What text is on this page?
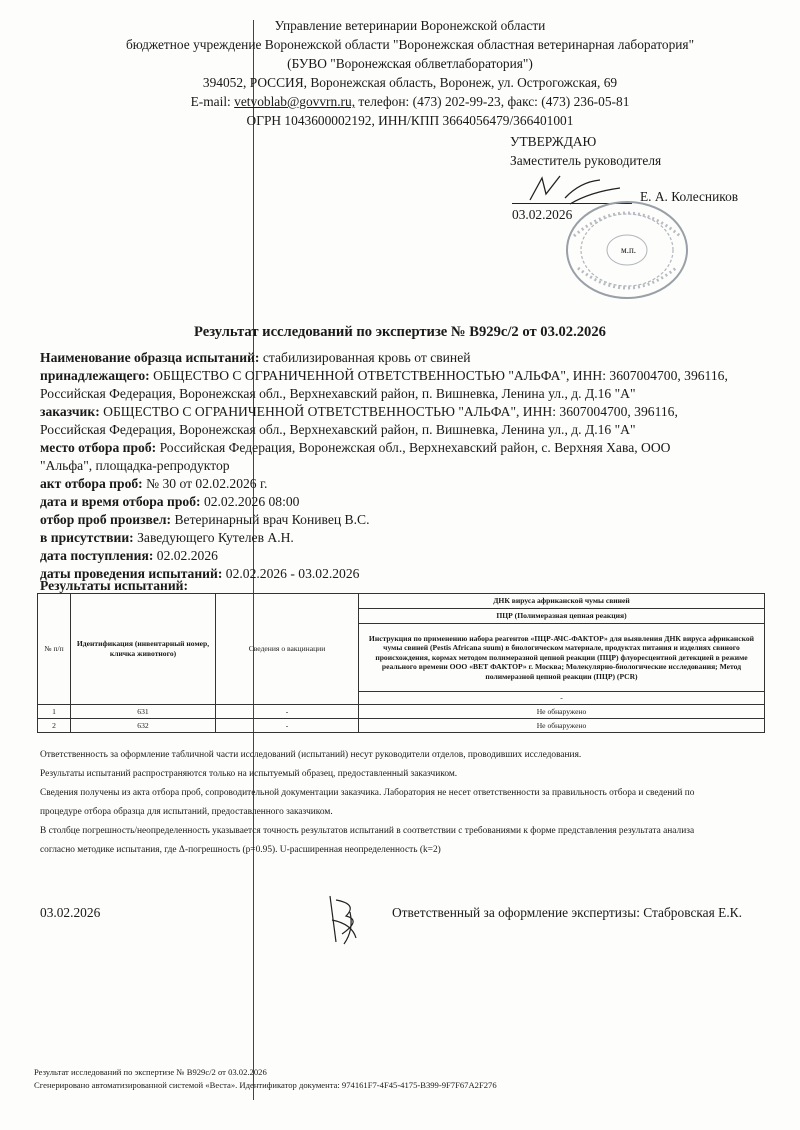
Управление ветеринарии Воронежской области
бюджетное учреждение Воронежской области "Воронежская областная ветеринарная лаборатория"
(БУВО "Воронежская облветлаборатория")
394052, РОССИЯ, Воронежская область, Воронеж, ул. Острогожская, 69
E-mail: vetvoblab@govvrn.ru, телефон: (473) 202-99-23, факс: (473) 236-05-81
ОГРН 1043600002192, ИНН/КПП 3664056479/366401001
УТВЕРЖДАЮ
Заместитель руководителя
Е. А. Колесников
03.02.2026
м.п.
Результат исследований по экспертизе № В929с/2 от 03.02.2026
Наименование образца испытаний: стабилизированная кровь от свиней
принадлежащего: ОБЩЕСТВО С ОГРАНИЧЕННОЙ ОТВЕТСТВЕННОСТЬЮ "АЛЬФА", ИНН: 3607004700, 396116,
Российская Федерация, Воронежская обл., Верхнехавский район, п. Вишневка, Ленина ул., д. Д.16 "А"
заказчик: ОБЩЕСТВО С ОГРАНИЧЕННОЙ ОТВЕТСТВЕННОСТЬЮ "АЛЬФА", ИНН: 3607004700, 396116,
Российская Федерация, Воронежская обл., Верхнехавский район, п. Вишневка, Ленина ул., д. Д.16 "А"
место отбора проб: Российская Федерация, Воронежская обл., Верхнехавский район, с. Верхняя Хава, ООО
"Альфа", площадка-репродуктор
акт отбора проб: № 30 от 02.02.2026 г.
дата и время отбора проб: 02.02.2026 08:00
отбор проб произвел: Ветеринарный врач Конивец В.С.
в присутствии: Заведующего Кутелев А.Н.
дата поступления: 02.02.2026
даты проведения испытаний: 02.02.2026 - 03.02.2026
Результаты испытаний:
№ п/п	Идентификация (инвентарный номер, кличка животного)	Сведения о вакцинации	ДНК вируса африканской чумы свиней
			ПЦР (Полимеразная цепная реакция)
			Инструкция по применению набора реагентов «ПЦР-АЧС-ФАКТОР» для выявления ДНК вируса африканской чумы свиней (Pestis Africana suum) в биологическом материале, продуктах питания и изделиях свиного происхождения, кормах методом полимеразной цепной реакции (ПЦР) флуоресцентной детекцией в режиме реального времени ООО «ВЕТ ФАКТОР» г. Москва; Молекулярно-биологические исследования; Метод полимеразной цепной реакции (ПЦР) (PCR)
			-
1	631	-	Не обнаружено
2	632	-	Не обнаружено
Ответственность за оформление табличной части исследований (испытаний) несут руководители отделов, проводивших исследования.
Результаты испытаний распространяются только на испытуемый образец, предоставленный заказчиком.
Сведения получены из акта отбора проб, сопроводительной документации заказчика. Лаборатория не несет ответственности за правильность отбора и сведений по
процедуре отбора образца для испытаний, предоставленного заказчиком.
В столбце погрешность/неопределенность указывается точность результатов испытаний в соответствии с требованиями к форме представления результата анализа
согласно методике испытания, где Δ-погрешность (р=0.95). U-расширенная неопределенность (k=2)
03.02.2026	Ответственный за оформление экспертизы: Стабровская Е.К.
Результат исследований по экспертизе № В929с/2 от 03.02.2026
Сгенерировано автоматизированной системой «Веста». Идентификатор документа: 974161F7-4F45-4175-B399-9F7F67A2F276
